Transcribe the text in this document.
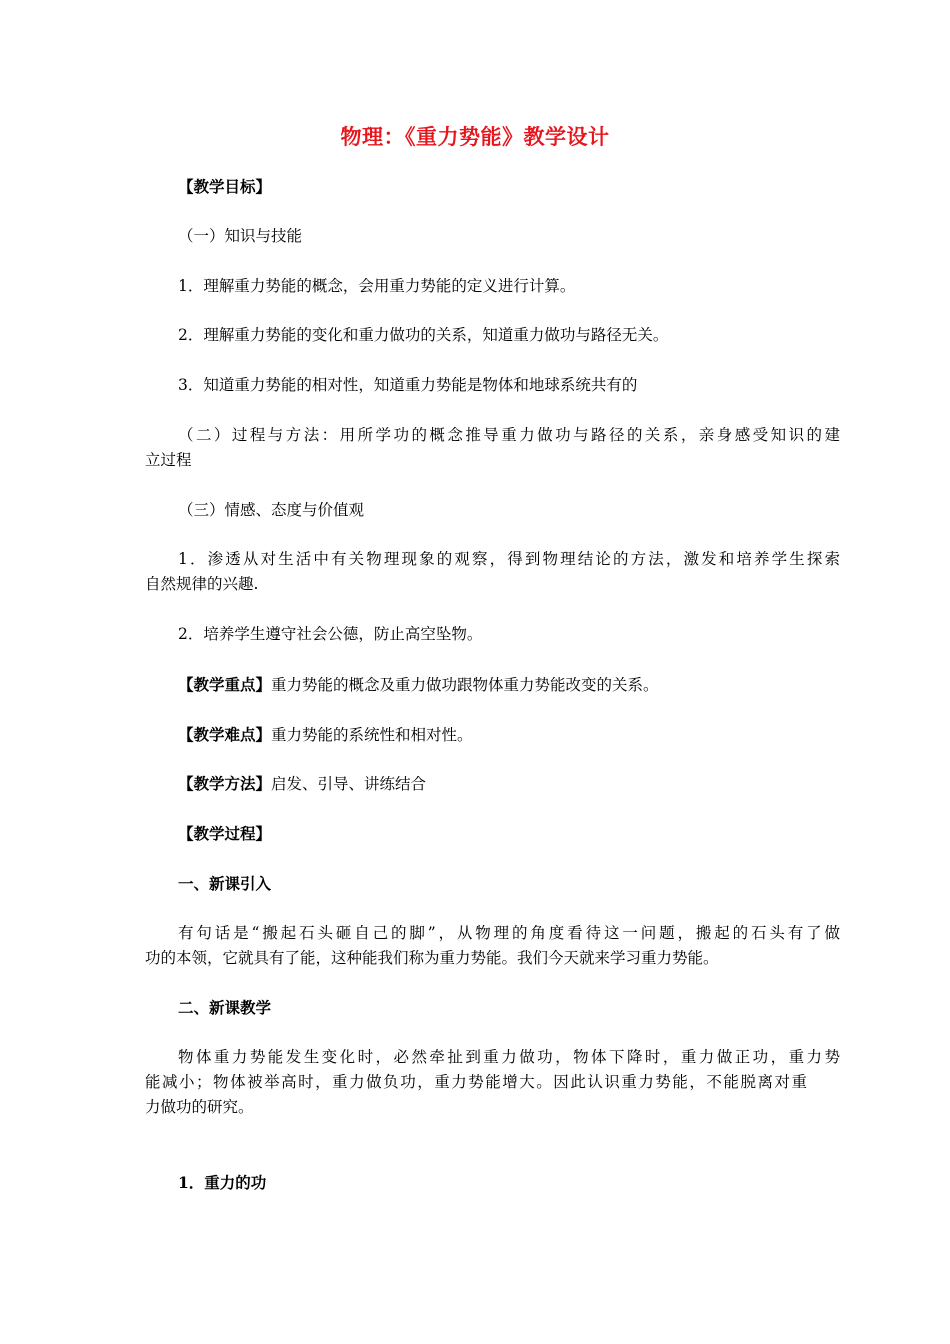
物理：《重力势能》教学设计
【教学目标】
（一）知识与技能
1．理解重力势能的概念，会用重力势能的定义进行计算。
2．理解重力势能的变化和重力做功的关系，知道重力做功与路径无关。
3．知道重力势能的相对性，知道重力势能是物体和地球系统共有的
（二）过程与方法：用所学功的概念推导重力做功与路径的关系，亲身感受知识的建
立过程
（三）情感、态度与价值观
1．渗透从对生活中有关物理现象的观察，得到物理结论的方法，激发和培养学生探索
自然规律的兴趣.
2．培养学生遵守社会公德，防止高空坠物。
【教学重点】重力势能的概念及重力做功跟物体重力势能改变的关系。
【教学难点】重力势能的系统性和相对性。
【教学方法】启发、引导、讲练结合
【教学过程】
一、新课引入
有句话是“搬起石头砸自己的脚”，从物理的角度看待这一问题，搬起的石头有了做
功的本领，它就具有了能，这种能我们称为重力势能。我们今天就来学习重力势能。
二、新课教学
物体重力势能发生变化时，必然牵扯到重力做功，物体下降时，重力做正功，重力势
能减小；物体被举高时，重力做负功，重力势能增大。因此认识重力势能，不能脱离对重
力做功的研究。
1．重力的功
